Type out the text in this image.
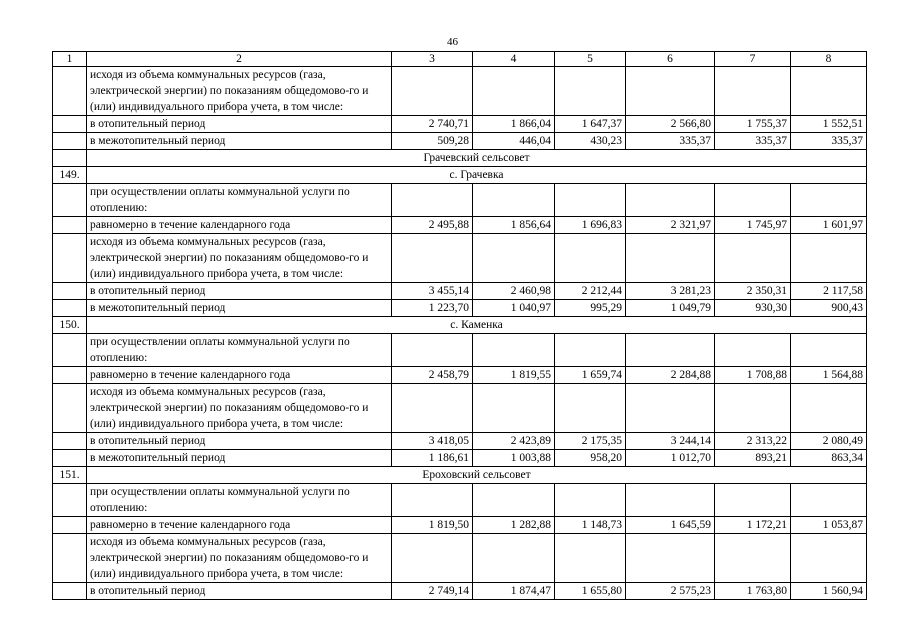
46
1	2	3	4	5	6	7	8
	исходя из объема коммунальных ресурсов (газа, электрической энергии) по показаниям общедомово-го и (или) индивидуального прибора учета, в том числе:						
	в отопительный период	2 740,71	1 866,04	1 647,37	2 566,80	1 755,37	1 552,51
	в межотопительный период	509,28	446,04	430,23	335,37	335,37	335,37
	Грачевский сельсовет						
149.	с. Грачевка						
	при осуществлении оплаты коммунальной услуги по отоплению:						
	равномерно в течение календарного года	2 495,88	1 856,64	1 696,83	2 321,97	1 745,97	1 601,97
	исходя из объема коммунальных ресурсов (газа, электрической энергии) по показаниям общедомово-го и (или) индивидуального прибора учета, в том числе:						
	в отопительный период	3 455,14	2 460,98	2 212,44	3 281,23	2 350,31	2 117,58
	в межотопительный период	1 223,70	1 040,97	995,29	1 049,79	930,30	900,43
150.	с. Каменка						
	при осуществлении оплаты коммунальной услуги по отоплению:						
	равномерно в течение календарного года	2 458,79	1 819,55	1 659,74	2 284,88	1 708,88	1 564,88
	исходя из объема коммунальных ресурсов (газа, электрической энергии) по показаниям общедомово-го и (или) индивидуального прибора учета, в том числе:						
	в отопительный период	3 418,05	2 423,89	2 175,35	3 244,14	2 313,22	2 080,49
	в межотопительный период	1 186,61	1 003,88	958,20	1 012,70	893,21	863,34
151.	Ероховский сельсовет						
	при осуществлении оплаты коммунальной услуги по отоплению:						
	равномерно в течение календарного года	1 819,50	1 282,88	1 148,73	1 645,59	1 172,21	1 053,87
	исходя из объема коммунальных ресурсов (газа, электрической энергии) по показаниям общедомово-го и (или) индивидуального прибора учета, в том числе:						
	в отопительный период	2 749,14	1 874,47	1 655,80	2 575,23	1 763,80	1 560,94
